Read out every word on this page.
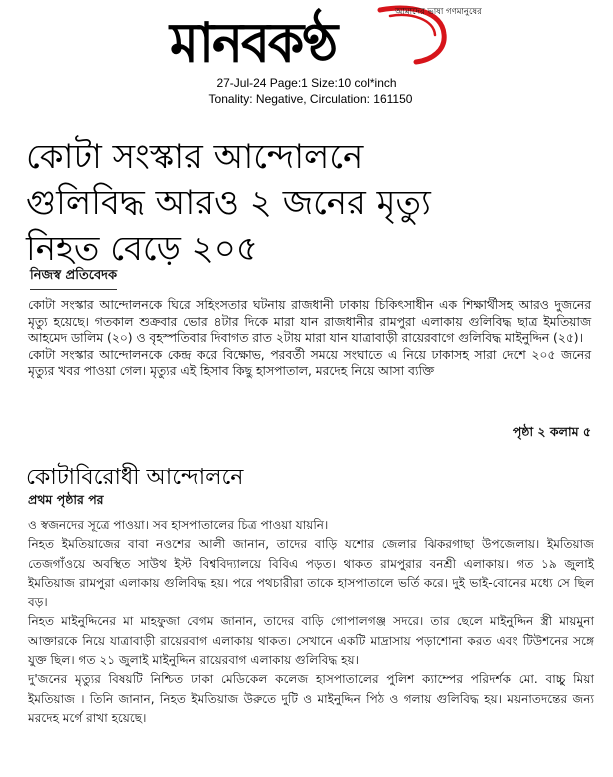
আমাদের ভাষা গণমানুষের
মানবকণ্ঠ
27-Jul-24 Page:1 Size:10 col*inch
Tonality: Negative, Circulation: 161150
কোটা সংস্কার আন্দোলনে
গুলিবিদ্ধ আরও ২ জনের মৃত্যু
নিহত বেড়ে ২০৫
নিজস্ব প্রতিবেদক

কোটা সংস্কার আন্দোলনকে ঘিরে সহিংসতার ঘটনায় রাজধানী ঢাকায় চিকিৎসাধীন এক শিক্ষার্থীসহ আরও দুজনের মৃত্যু হয়েছে। গতকাল শুক্রবার ভোর ৪টার দিকে মারা যান রাজধানীর রামপুরা এলাকায় গুলিবিদ্ধ ছাত্র ইমতিয়াজ আহমেদ ডালিম (২০) ও বৃহস্পতিবার দিবাগত রাত ২টায় মারা যান যাত্রাবাড়ী রায়েরবাগে গুলিবিদ্ধ মাইনুদ্দিন (২৫)।

কোটা সংস্কার আন্দোলনকে কেন্দ্র করে বিক্ষোভ, পরবর্তী সময়ে সংঘাতে এ নিয়ে ঢাকাসহ সারা দেশে ২০৫ জনের মৃত্যুর খবর পাওয়া গেল। মৃত্যুর এই হিসাব কিছু হাসপাতাল, মরদেহ নিয়ে আসা ব্যক্তি

পৃষ্ঠা ২ কলাম ৫
কোটাবিরোধী আন্দোলনে
প্রথম পৃষ্ঠার পর

ও স্বজনদের সূত্রে পাওয়া। সব হাসপাতালের চিত্র পাওয়া যায়নি।

নিহত ইমতিয়াজের বাবা নওশের আলী জানান, তাদের বাড়ি যশোর জেলার ঝিকরগাছা উপজেলায়। ইমতিয়াজ তেজগাঁওয়ে অবস্থিত সাউথ ইস্ট বিশ্ববিদ্যালয়ে বিবিএ পড়ত। থাকত রামপুরার বনশ্রী এলাকায়। গত ১৯ জুলাই ইমতিয়াজ রামপুরা এলাকায় গুলিবিদ্ধ হয়। পরে পথচারীরা তাকে হাসপাতালে ভর্তি করে। দুই ভাই-বোনের মধ্যে সে ছিল বড়।

নিহত মাইনুদ্দিনের মা মাহফুজা বেগম জানান, তাদের বাড়ি গোপালগঞ্জ সদরে। তার ছেলে মাইনুদ্দিন স্ত্রী মায়মুনা আক্তারকে নিয়ে যাত্রাবাড়ী রায়েরবাগ এলাকায় থাকত। সেখানে একটি মাদ্রাসায় পড়াশোনা করত এবং টিউশনের সঙ্গে যুক্ত ছিল। গত ২১ জুলাই মাইনুদ্দিন রায়েরবাগ এলাকায় গুলিবিদ্ধ হয়।

দু'জনের মৃত্যুর বিষয়টি নিশ্চিত ঢাকা মেডিকেল কলেজ হাসপাতালের পুলিশ ক্যাম্পের পরিদর্শক মো. বাচ্চু মিয়া ইমতিয়াজ । তিনি জানান, নিহত ইমতিয়াজ উরুতে দুটি ও মাইনুদ্দিন পিঠ ও গলায় গুলিবিদ্ধ হয়। ময়নাতদন্তের জন্য মরদেহ মর্গে রাখা হয়েছে।
